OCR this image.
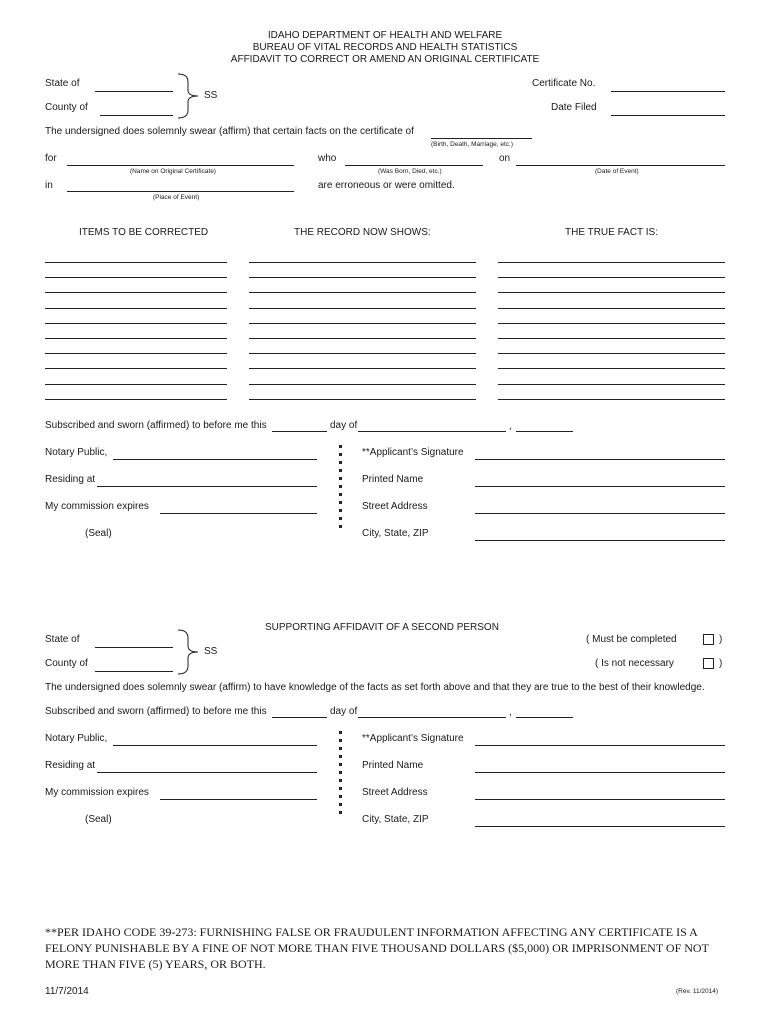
IDAHO DEPARTMENT OF HEALTH AND WELFARE
BUREAU OF VITAL RECORDS AND HEALTH STATISTICS
AFFIDAVIT TO CORRECT OR AMEND AN ORIGINAL CERTIFICATE
State of
County of
SS
Certificate No.
Date Filed
The undersigned does solemnly swear (affirm) that certain facts on the certificate of
(Birth, Death, Marriage, etc.)
for
(Name on Original Certificate)
who
(Was Born, Died, etc.)
on
(Date of Event)
in
(Place of Event)
are erroneous or were omitted.
ITEMS TO BE CORRECTED	THE RECORD NOW SHOWS:	THE TRUE FACT IS:
Subscribed and sworn (affirmed) to before me this	day of	,
Notary Public,
Residing at
My commission expires
(Seal)
**Applicant’s Signature
Printed Name
Street Address
City, State, ZIP
SUPPORTING AFFIDAVIT OF A SECOND PERSON
State of
County of
SS
( Must be completed	)
( Is not necessary	)
The undersigned does solemnly swear (affirm) to have knowledge of the facts as set forth above and that they are true to the best of their knowledge.
Subscribed and sworn (affirmed) to before me this	day of	,
Notary Public,
Residing at
My commission expires
(Seal)
**Applicant’s Signature
Printed Name
Street Address
City, State, ZIP
**PER IDAHO CODE 39-273: FURNISHING FALSE OR FRAUDULENT INFORMATION AFFECTING ANY CERTIFICATE IS A FELONY PUNISHABLE BY A FINE OF NOT MORE THAN FIVE THOUSAND DOLLARS ($5,000) OR IMPRISONMENT OF NOT MORE THAN FIVE (5) YEARS, OR BOTH.
11/7/2014	(Rev. 11/2014)
